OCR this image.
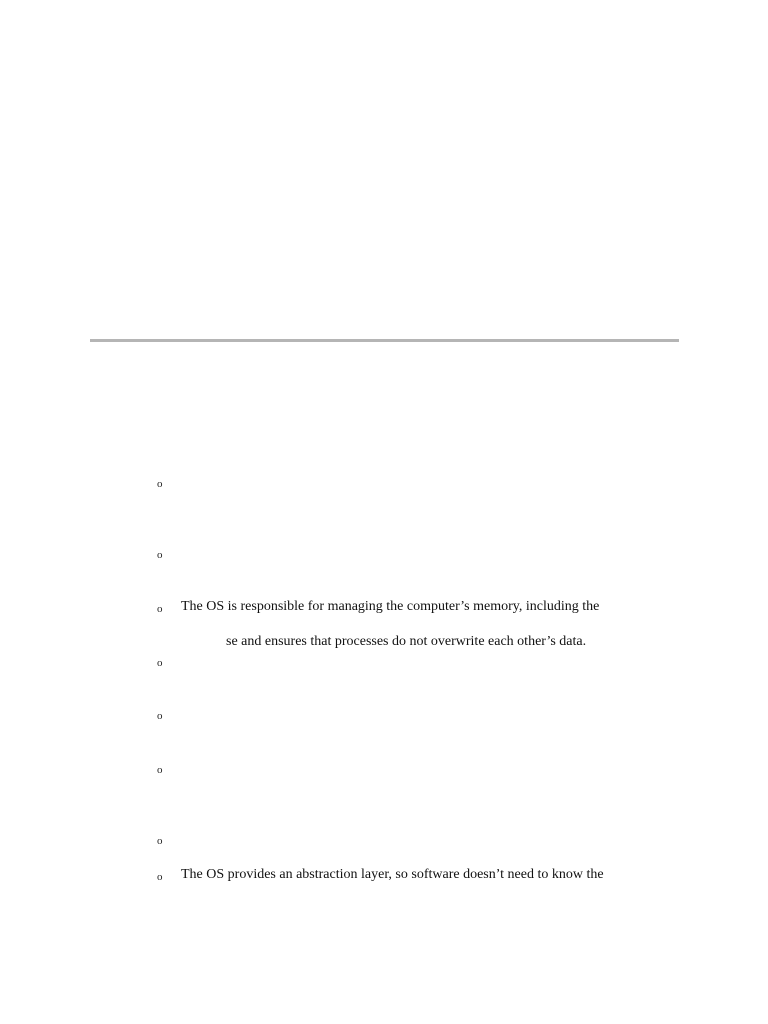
o
o
o The OS is responsible for managing the computer’s memory, including the
se and ensures that processes do not overwrite each other’s data.
o
o
o
o
o The OS provides an abstraction layer, so software doesn’t need to know the
